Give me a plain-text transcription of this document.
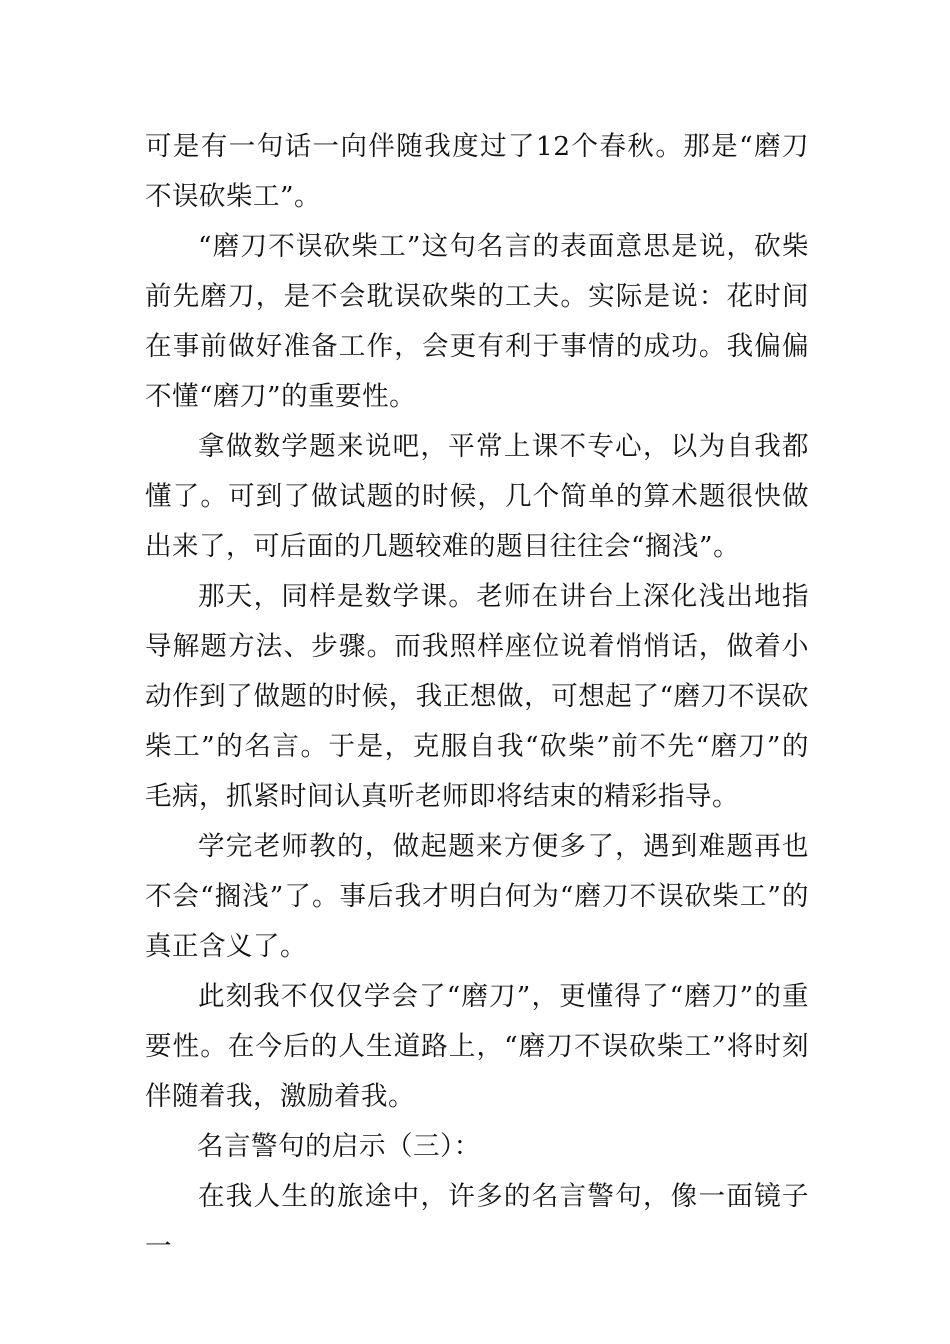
可是有一句话一向伴随我度过了12个春秋。那是“磨刀不误砍柴工”。

“磨刀不误砍柴工”这句名言的表面意思是说，砍柴前先磨刀，是不会耽误砍柴的工夫。实际是说：花时间在事前做好准备工作，会更有利于事情的成功。我偏偏不懂“磨刀”的重要性。

拿做数学题来说吧，平常上课不专心，以为自我都懂了。可到了做试题的时候，几个简单的算术题很快做出来了，可后面的几题较难的题目往往会“搁浅”。

那天，同样是数学课。老师在讲台上深化浅出地指导解题方法、步骤。而我照样座位说着悄悄话，做着小动作到了做题的时候，我正想做，可想起了“磨刀不误砍柴工”的名言。于是，克服自我“砍柴”前不先“磨刀”的毛病，抓紧时间认真听老师即将结束的精彩指导。

学完老师教的，做起题来方便多了，遇到难题再也不会“搁浅”了。事后我才明白何为“磨刀不误砍柴工”的真正含义了。

此刻我不仅仅学会了“磨刀”，更懂得了“磨刀”的重要性。在今后的人生道路上，“磨刀不误砍柴工”将时刻伴随着我，激励着我。

名言警句的启示（三）：

在我人生的旅途中，许多的名言警句，像一面镜子一
